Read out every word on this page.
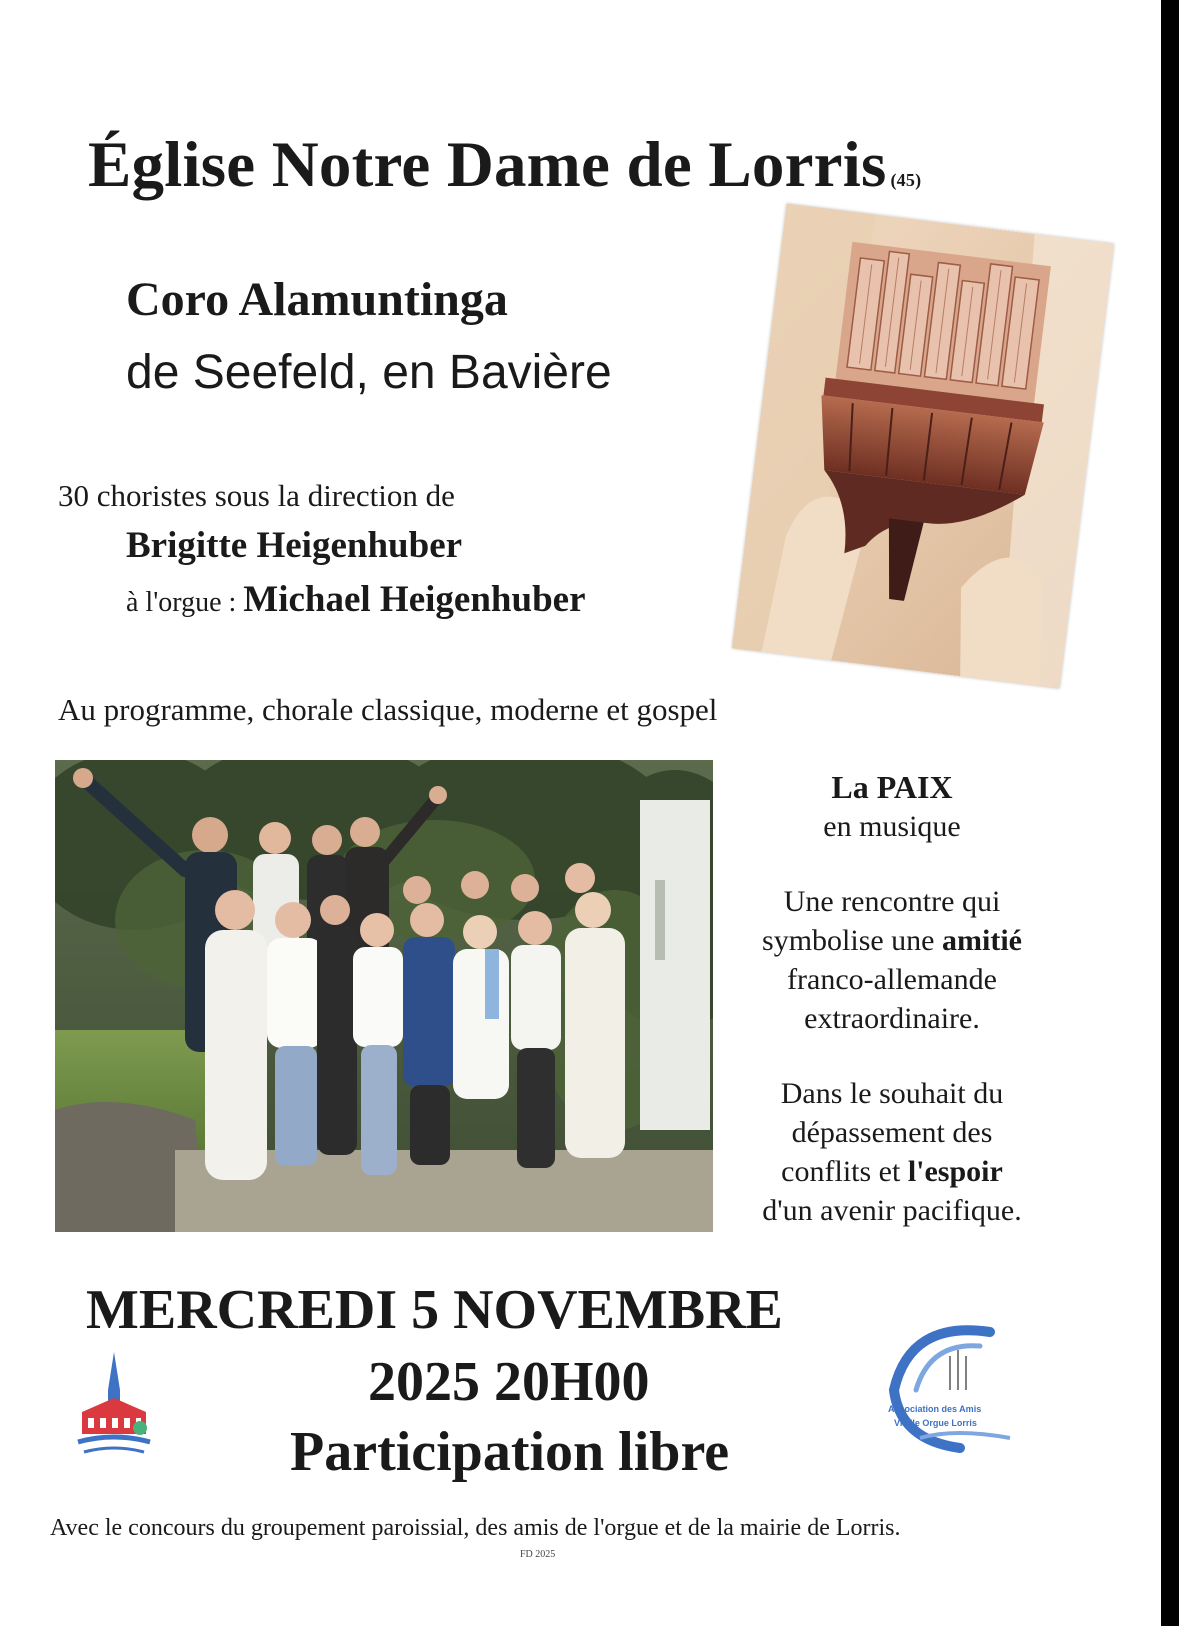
Église Notre Dame de Lorris (45)
Coro Alamuntinga
de Seefeld, en Bavière
30 choristes sous la direction de
Brigitte Heigenhuber
à l'orgue : Michael Heigenhuber
Au programme, chorale classique, moderne et gospel

La PAIX

en musique

Une rencontre qui

symbolise une amitié

franco-allemande

extraordinaire.

Dans le souhait du

dépassement des

conflits et l'espoir

d'un avenir pacifique.

MERCREDI 5 NOVEMBRE
2025 20H00
Participation libre
Association des Amis
Vieille Orgue Lorris
Avec le concours du groupement paroissial, des amis de l'orgue et de la mairie de Lorris.
FD 2025
